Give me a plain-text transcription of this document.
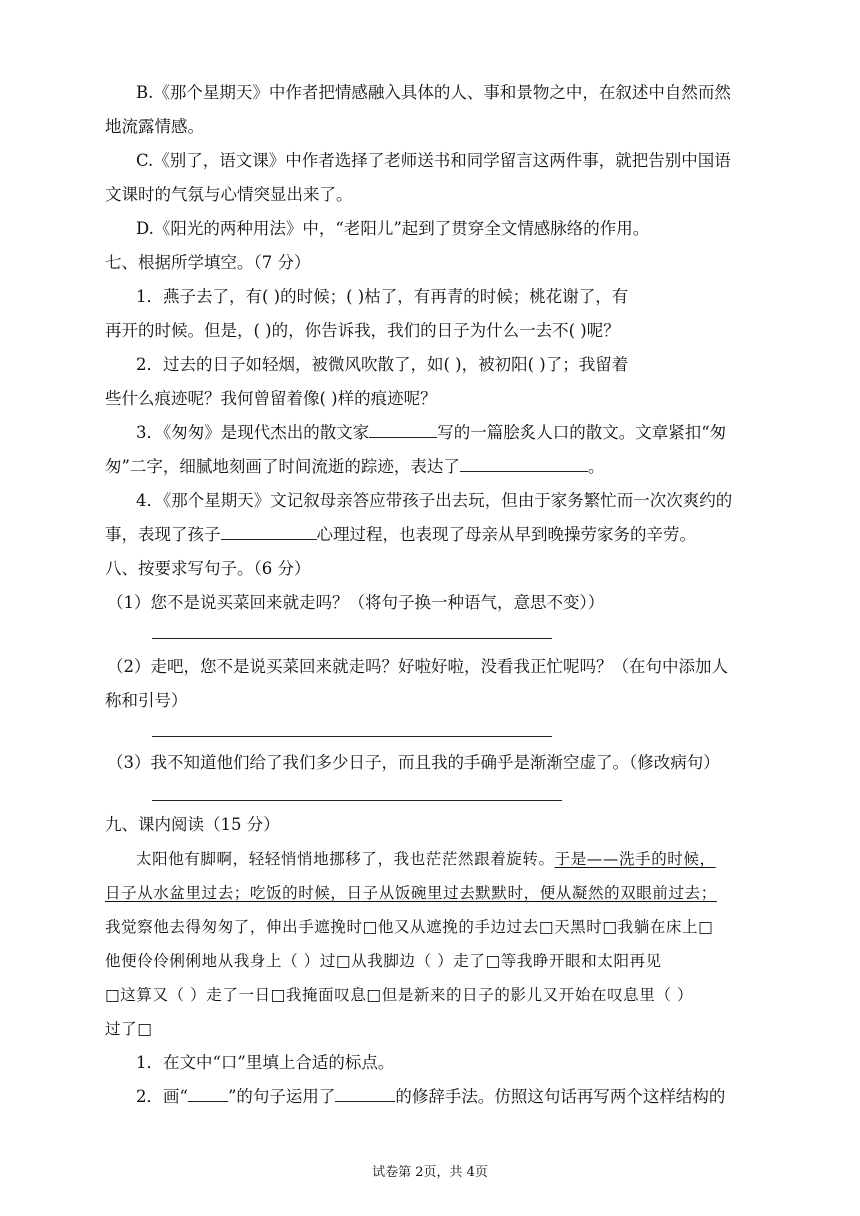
B.《那个星期天》中作者把情感融入具体的人、事和景物之中，在叙述中自然而然
地流露情感。
C.《别了，语文课》中作者选择了老师送书和同学留言这两件事，就把告别中国语
文课时的气氛与心情突显出来了。
D.《阳光的两种用法》中，“老阳儿”起到了贯穿全文情感脉络的作用。
七、根据所学填空。（7 分）
1．燕子去了，有( )的时候；( )枯了，有再青的时候；桃花谢了，有
再开的时候。但是，( )的，你告诉我，我们的日子为什么一去不( )呢？
2．过去的日子如轻烟，被微风吹散了，如( )，被初阳( )了；我留着
些什么痕迹呢？我何曾留着像( )样的痕迹呢？
3．《匆匆》是现代杰出的散文家	写的一篇脍炙人口的散文。文章紧扣“匆
匆”二字，细腻地刻画了时间流逝的踪迹，表达了	。
4．《那个星期天》文记叙母亲答应带孩子出去玩，但由于家务繁忙而一次次爽约的
事，表现了孩子	心理过程，也表现了母亲从早到晚操劳家务的辛劳。
八、按要求写句子。（6 分）
（1）您不是说买菜回来就走吗？（将句子换一种语气，意思不变））
（2）走吧，您不是说买菜回来就走吗？好啦好啦，没看我正忙呢吗？（在句中添加人
称和引号）
（3）我不知道他们给了我们多少日子，而且我的手确乎是渐渐空虚了。（修改病句）
九、课内阅读（15 分）
太阳他有脚啊，轻轻悄悄地挪移了，我也茫茫然跟着旋转。于是——洗手的时候，
日子从水盆里过去；吃饭的时候，日子从饭碗里过去默默时，便从凝然的双眼前过去；
我觉察他去得匆匆了，伸出手遮挽时□他又从遮挽的手边过去□天黑时□我躺在床上□
他便伶伶俐俐地从我身上（ ）过□从我脚边（ ）走了□等我睁开眼和太阳再见
□这算又（ ）走了一日□我掩面叹息□但是新来的日子的影儿又开始在叹息里（ ）
过了□
1．在文中“口”里填上合适的标点。
2．画“ ”的句子运用了	的修辞手法。仿照这句话再写两个这样结构的
试卷第 2页，共 4页
